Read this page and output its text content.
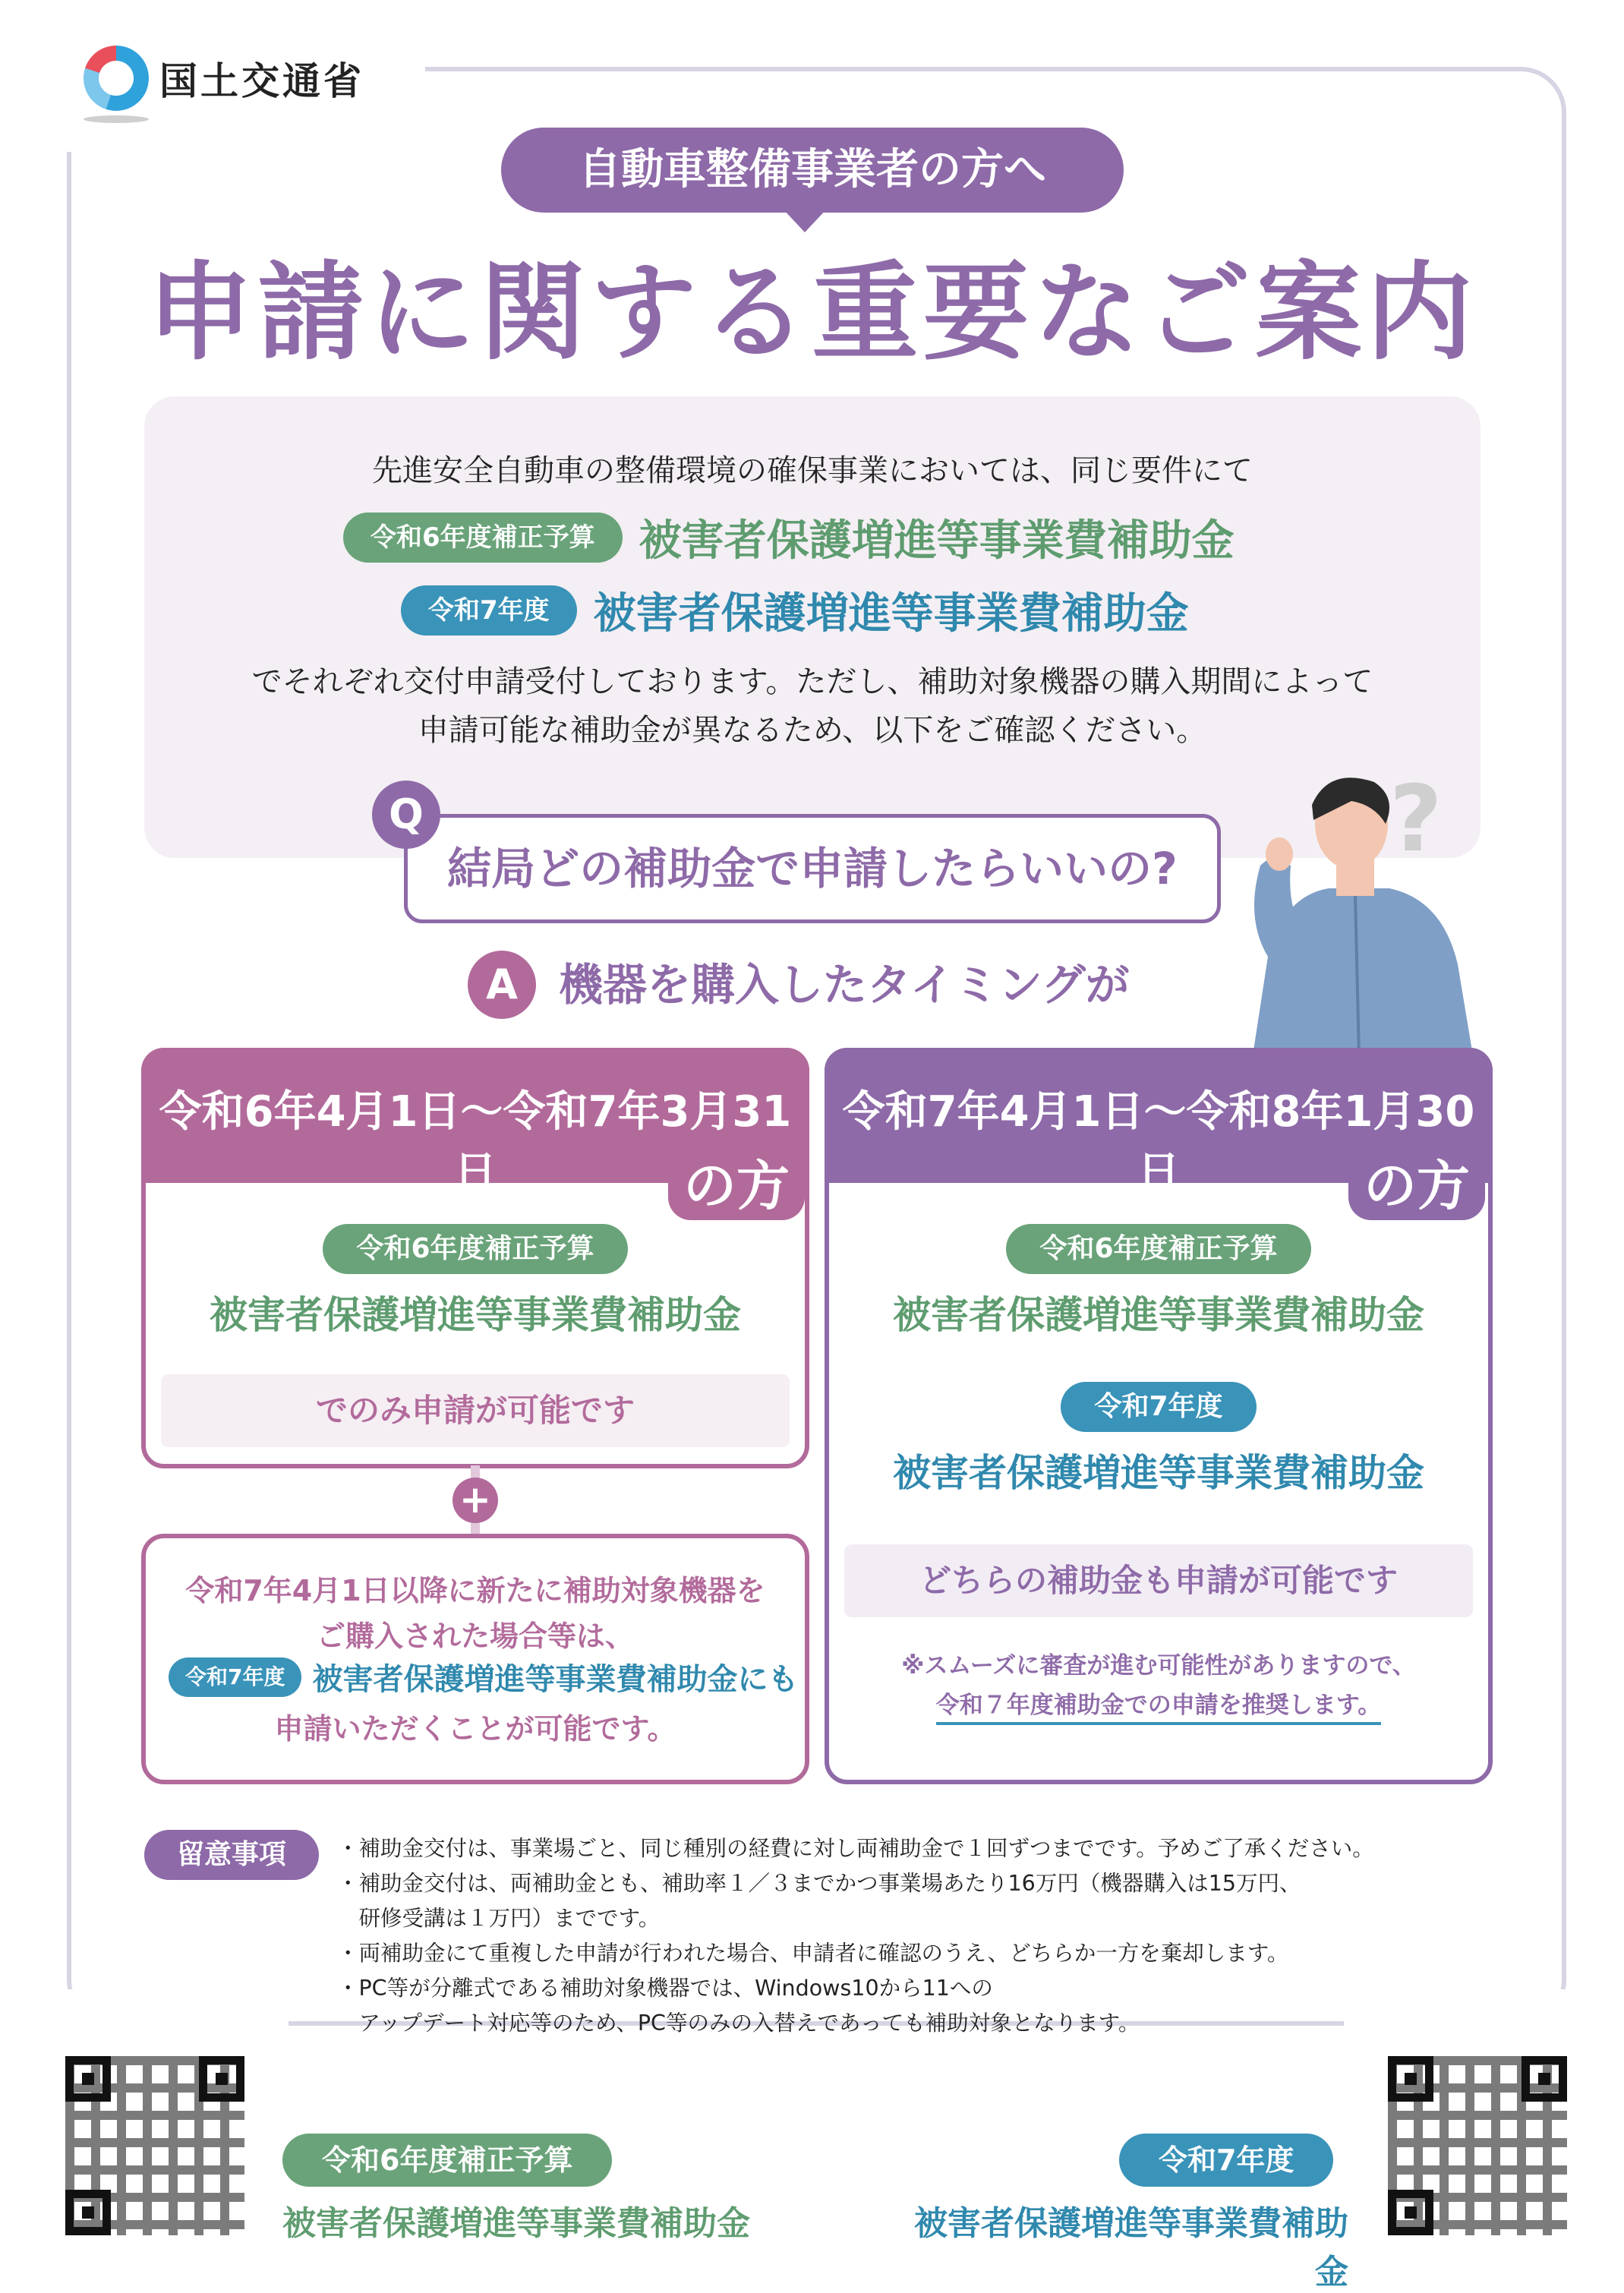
国土交通省
自動車整備事業者の方へ
申請に関する重要なご案内
先進安全自動車の整備環境の確保事業においては、同じ要件にて
令和6年度補正予算	被害者保護増進等事業費補助金
令和7年度	被害者保護増進等事業費補助金
でそれぞれ交付申請受付しております。ただし、補助対象機器の購入期間によって
申請可能な補助金が異なるため、以下をご確認ください。
結局どの補助金で申請したらいいの?
Q	?
A 機器を購入したタイミングが
令和6年4月1日〜令和7年3月31日	の方
令和6年度補正予算
被害者保護増進等事業費補助金
でのみ申請が可能です
+
令和7年4月1日以降に新たに補助対象機器を
ご購入された場合等は、
令和7年度 被害者保護増進等事業費補助金にも
申請いただくことが可能です。
令和7年4月1日〜令和8年1月30日	の方
令和6年度補正予算
被害者保護増進等事業費補助金
令和7年度
被害者保護増進等事業費補助金
どちらの補助金も申請が可能です
※スムーズに審査が進む可能性がありますので、
令和７年度補助金での申請を推奨します。
留意事項	・補助金交付は、事業場ごと、同じ種別の経費に対し両補助金で１回ずつまでです。予めご了承ください。
・補助金交付は、両補助金とも、補助率１／３までかつ事業場あたり16万円（機器購入は15万円、
　研修受講は１万円）までです。
・両補助金にて重複した申請が行われた場合、申請者に確認のうえ、どちらか一方を棄却します。
・PC等が分離式である補助対象機器では、Windows10から11への
　アップデート対応等のため、PC等のみの入替えであっても補助対象となります。
令和6年度補正予算
被害者保護増進等事業費補助金
令和7年度
被害者保護増進等事業費補助金
